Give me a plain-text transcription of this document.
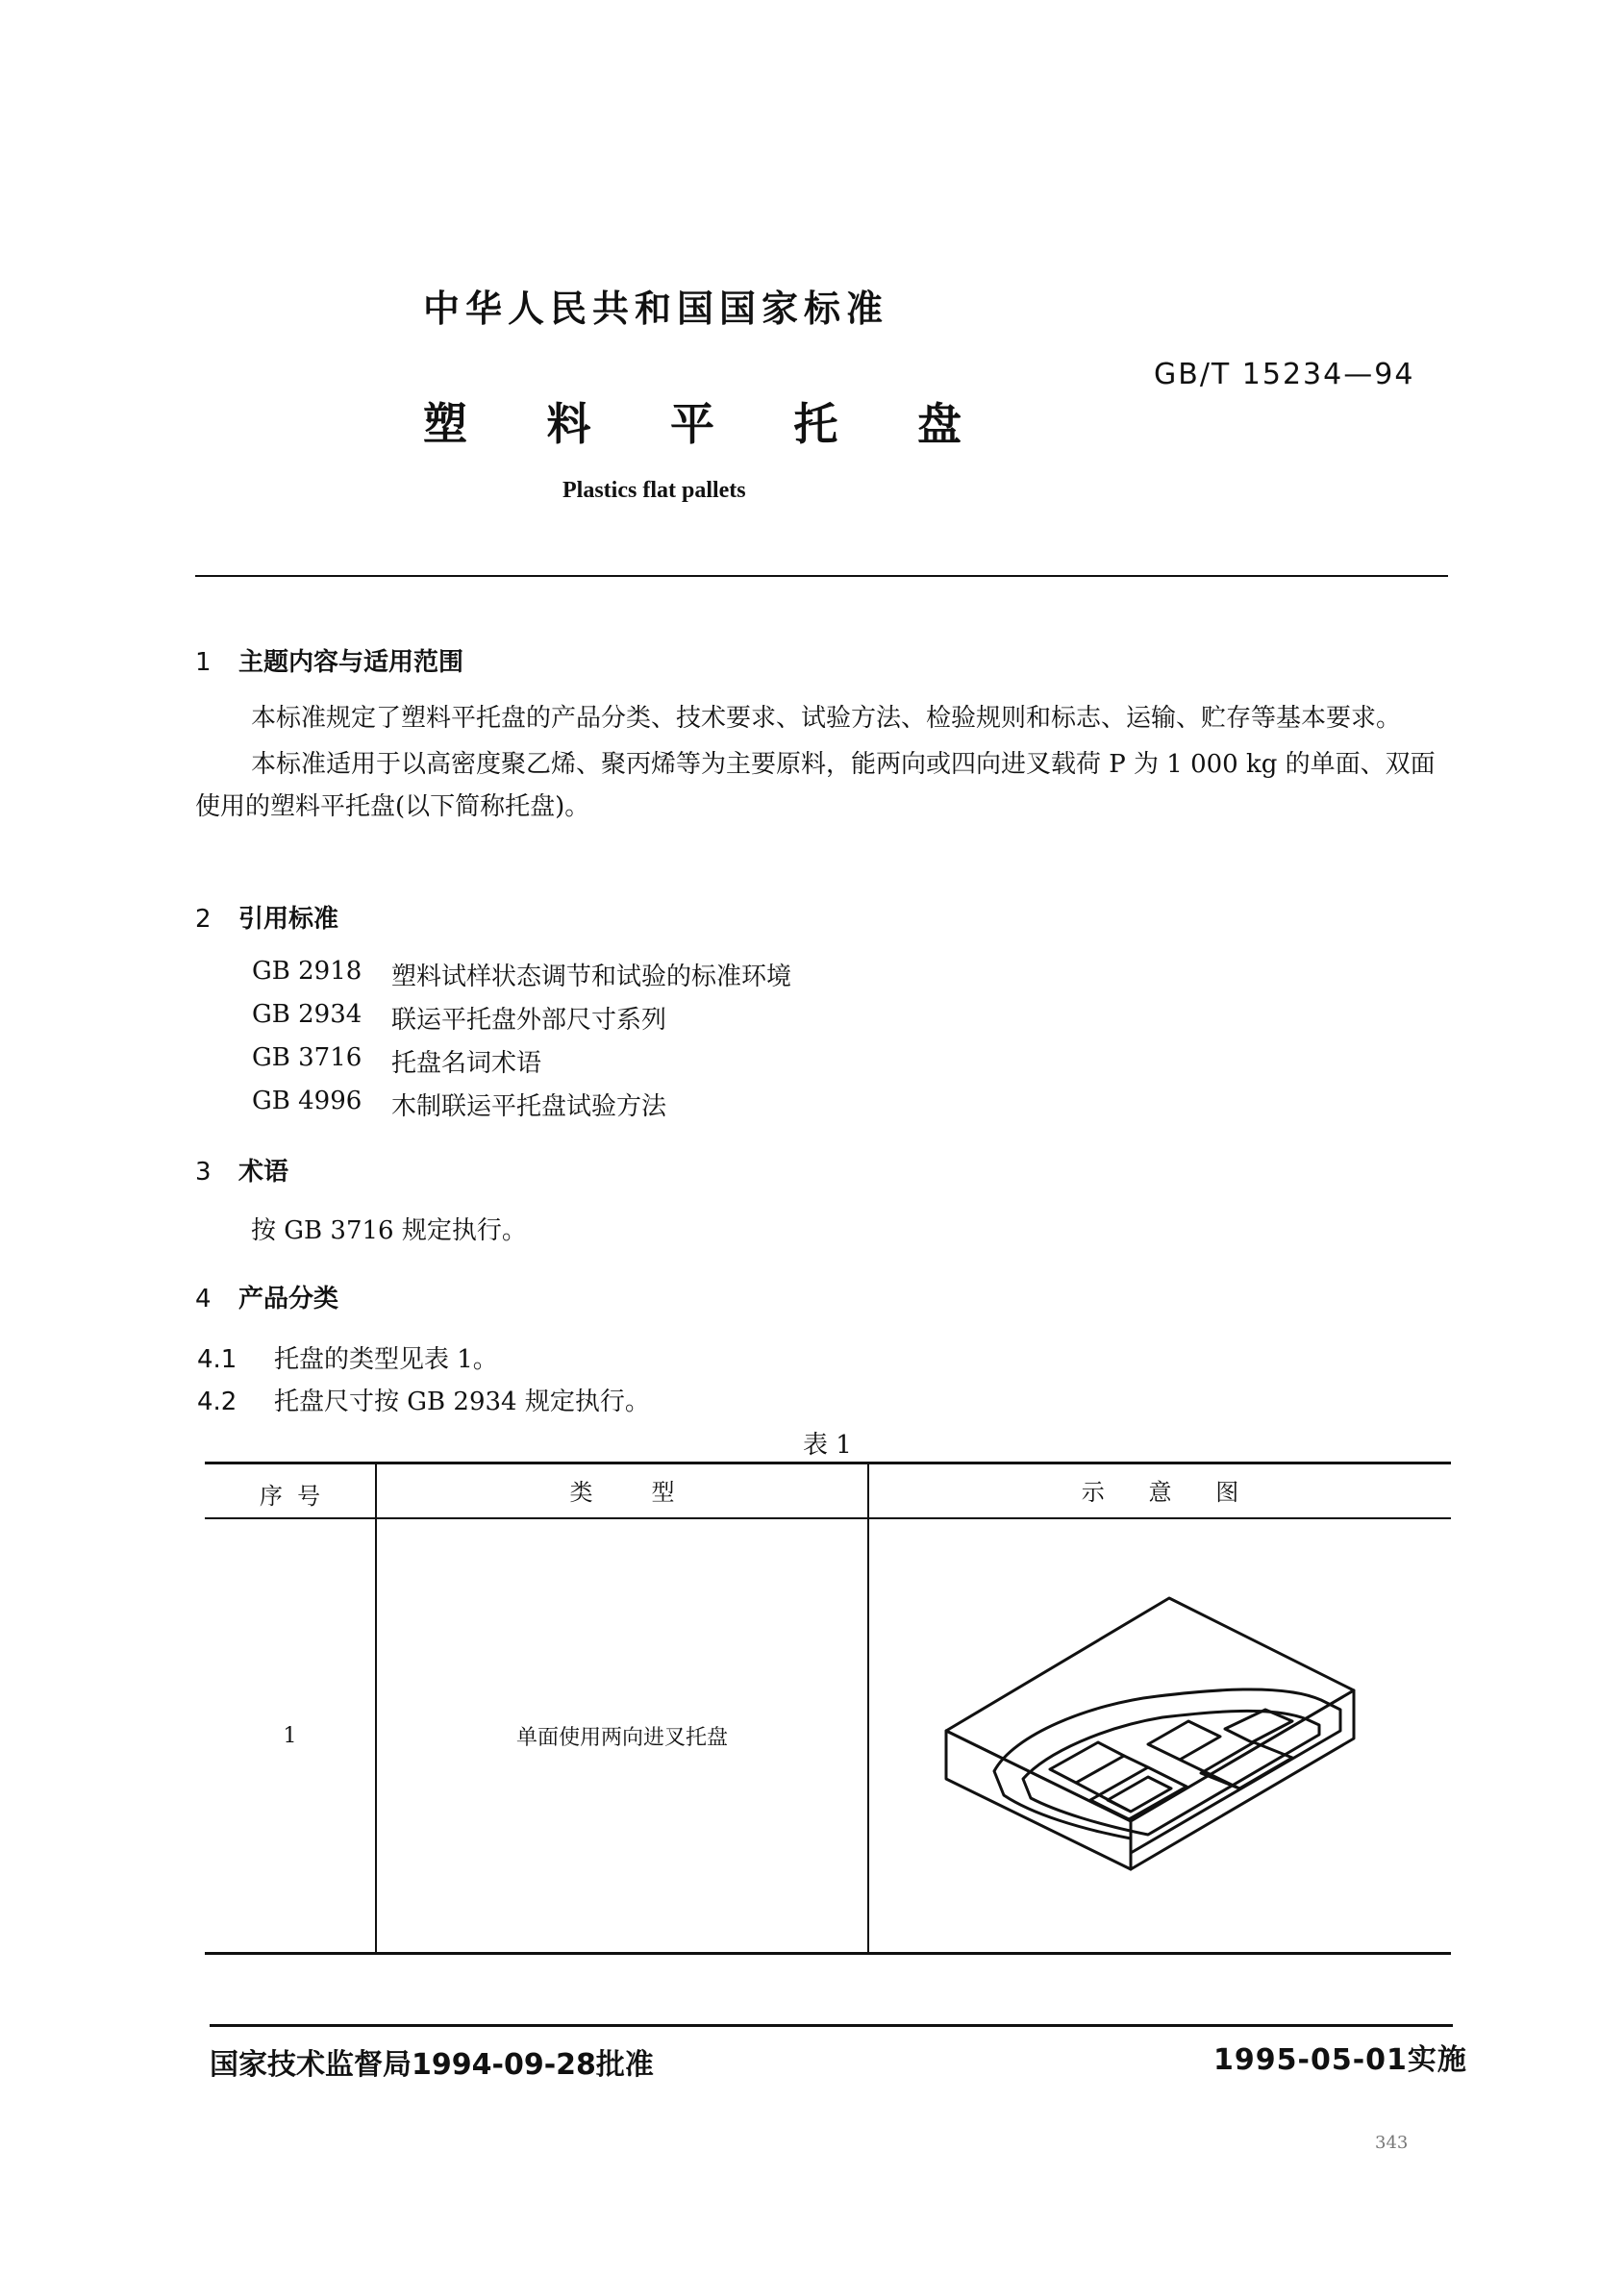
中华人民共和国国家标准
GB/T 15234—94
塑 料 平 托 盘
Plastics flat pallets
1 主题内容与适用范围

本标准规定了塑料平托盘的产品分类、技术要求、试验方法、检验规则和标志、运输、贮存等基本要求。

本标准适用于以高密度聚乙烯、聚丙烯等为主要原料，能两向或四向进叉载荷 P 为 1 000 kg 的单面、双面使用的塑料平托盘(以下简称托盘)。

2 引用标准
GB 2918	塑料试样状态调节和试验的标准环境
GB 2934	联运平托盘外部尺寸系列
GB 3716	托盘名词术语
GB 4996	木制联运平托盘试验方法
3 术语

按 GB 3716 规定执行。

4 产品分类
4.1 托盘的类型见表 1。
4.2 托盘尺寸按 GB 2934 规定执行。
表 1
序  号	类        型	示      意      图
1	单面使用两向进叉托盘
国家技术监督局1994-09-28批准	1995-05-01实施
343
